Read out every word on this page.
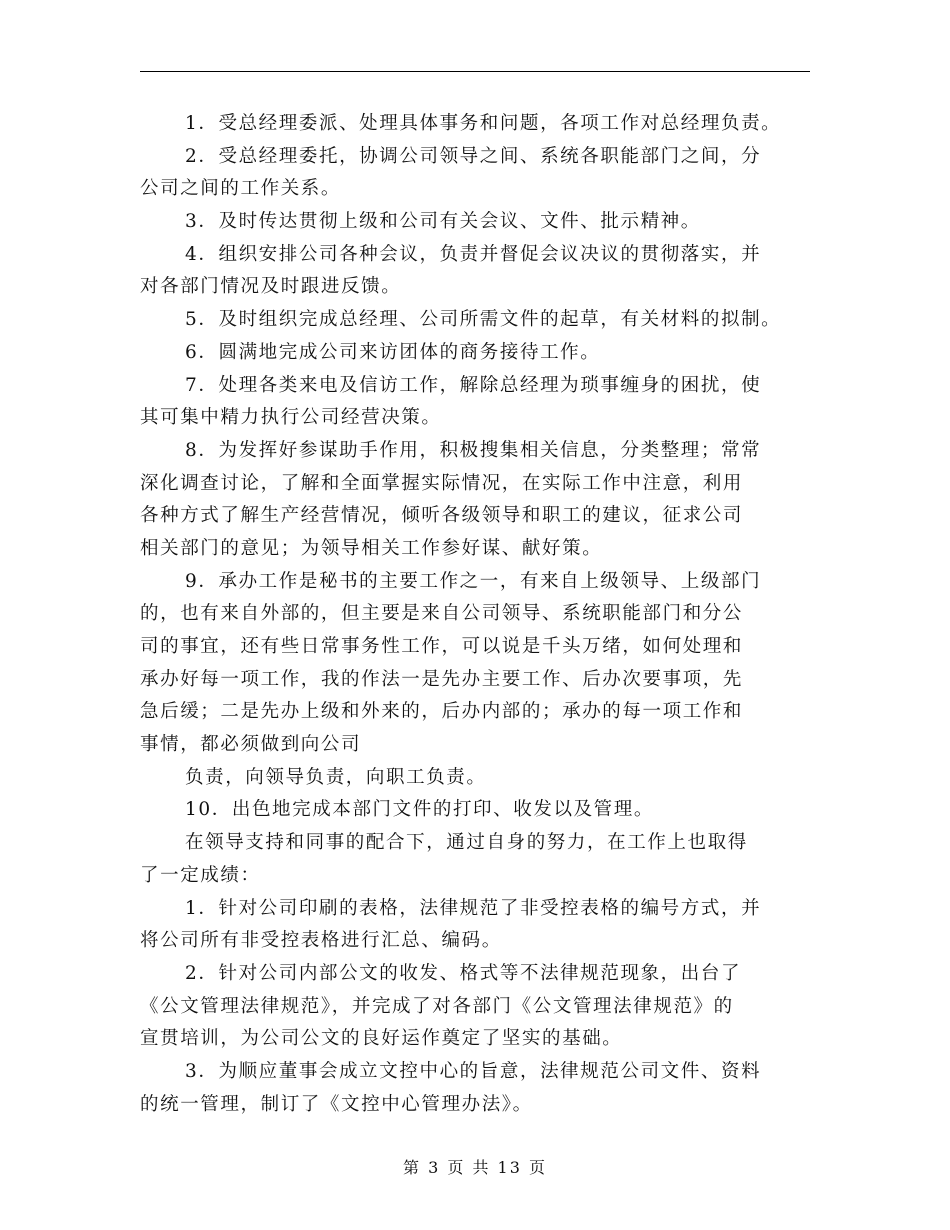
1．受总经理委派、处理具体事务和问题，各项工作对总经理负责。
2．受总经理委托，协调公司领导之间、系统各职能部门之间，分
公司之间的工作关系。
3．及时传达贯彻上级和公司有关会议、文件、批示精神。
4．组织安排公司各种会议，负责并督促会议决议的贯彻落实，并
对各部门情况及时跟进反馈。
5．及时组织完成总经理、公司所需文件的起草，有关材料的拟制。
6．圆满地完成公司来访团体的商务接待工作。
7．处理各类来电及信访工作，解除总经理为琐事缠身的困扰，使
其可集中精力执行公司经营决策。
8．为发挥好参谋助手作用，积极搜集相关信息，分类整理；常常
深化调查讨论，了解和全面掌握实际情况，在实际工作中注意，利用
各种方式了解生产经营情况，倾听各级领导和职工的建议，征求公司
相关部门的意见；为领导相关工作参好谋、献好策。
9．承办工作是秘书的主要工作之一，有来自上级领导、上级部门
的，也有来自外部的，但主要是来自公司领导、系统职能部门和分公
司的事宜，还有些日常事务性工作，可以说是千头万绪，如何处理和
承办好每一项工作，我的作法一是先办主要工作、后办次要事项，先
急后缓；二是先办上级和外来的，后办内部的；承办的每一项工作和
事情，都必须做到向公司
负责，向领导负责，向职工负责。
10．出色地完成本部门文件的打印、收发以及管理。
在领导支持和同事的配合下，通过自身的努力，在工作上也取得
了一定成绩：
1．针对公司印刷的表格，法律规范了非受控表格的编号方式，并
将公司所有非受控表格进行汇总、编码。
2．针对公司内部公文的收发、格式等不法律规范现象，出台了
《公文管理法律规范》，并完成了对各部门《公文管理法律规范》的
宣贯培训，为公司公文的良好运作奠定了坚实的基础。
3．为顺应董事会成立文控中心的旨意，法律规范公司文件、资料
的统一管理，制订了《文控中心管理办法》。
第 3 页 共 13 页
